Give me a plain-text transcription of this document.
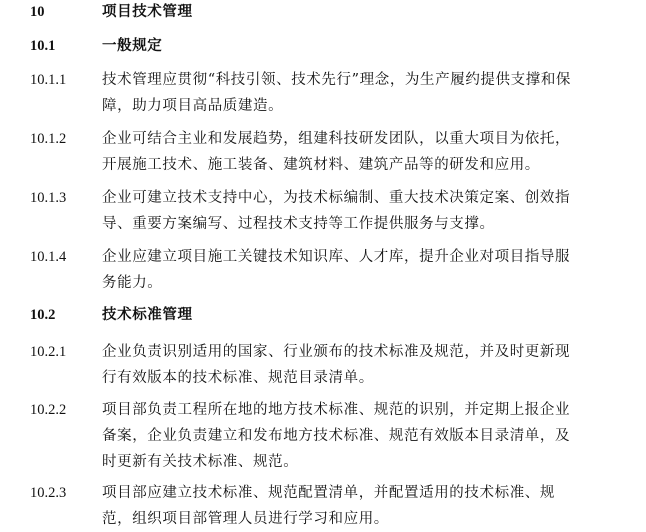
10	项目技术管理
10.1	一般规定
10.1.1 技术管理应贯彻“科技引领、技术先行”理念，为生产履约提供支撑和保障，助力项目高品质建造。
10.1.2 企业可结合主业和发展趋势，组建科技研发团队，以重大项目为依托，开展施工技术、施工装备、建筑材料、建筑产品等的研发和应用。
10.1.3 企业可建立技术支持中心，为技术标编制、重大技术决策定案、创效指导、重要方案编写、过程技术支持等工作提供服务与支撑。
10.1.4 企业应建立项目施工关键技术知识库、人才库，提升企业对项目指导服务能力。
10.2	技术标准管理
10.2.1 企业负责识别适用的国家、行业颁布的技术标准及规范，并及时更新现行有效版本的技术标准、规范目录清单。
10.2.2 项目部负责工程所在地的地方技术标准、规范的识别，并定期上报企业备案，企业负责建立和发布地方技术标准、规范有效版本目录清单，及时更新有关技术标准、规范。
10.2.3 项目部应建立技术标准、规范配置清单，并配置适用的技术标准、规范，组织项目部管理人员进行学习和应用。
